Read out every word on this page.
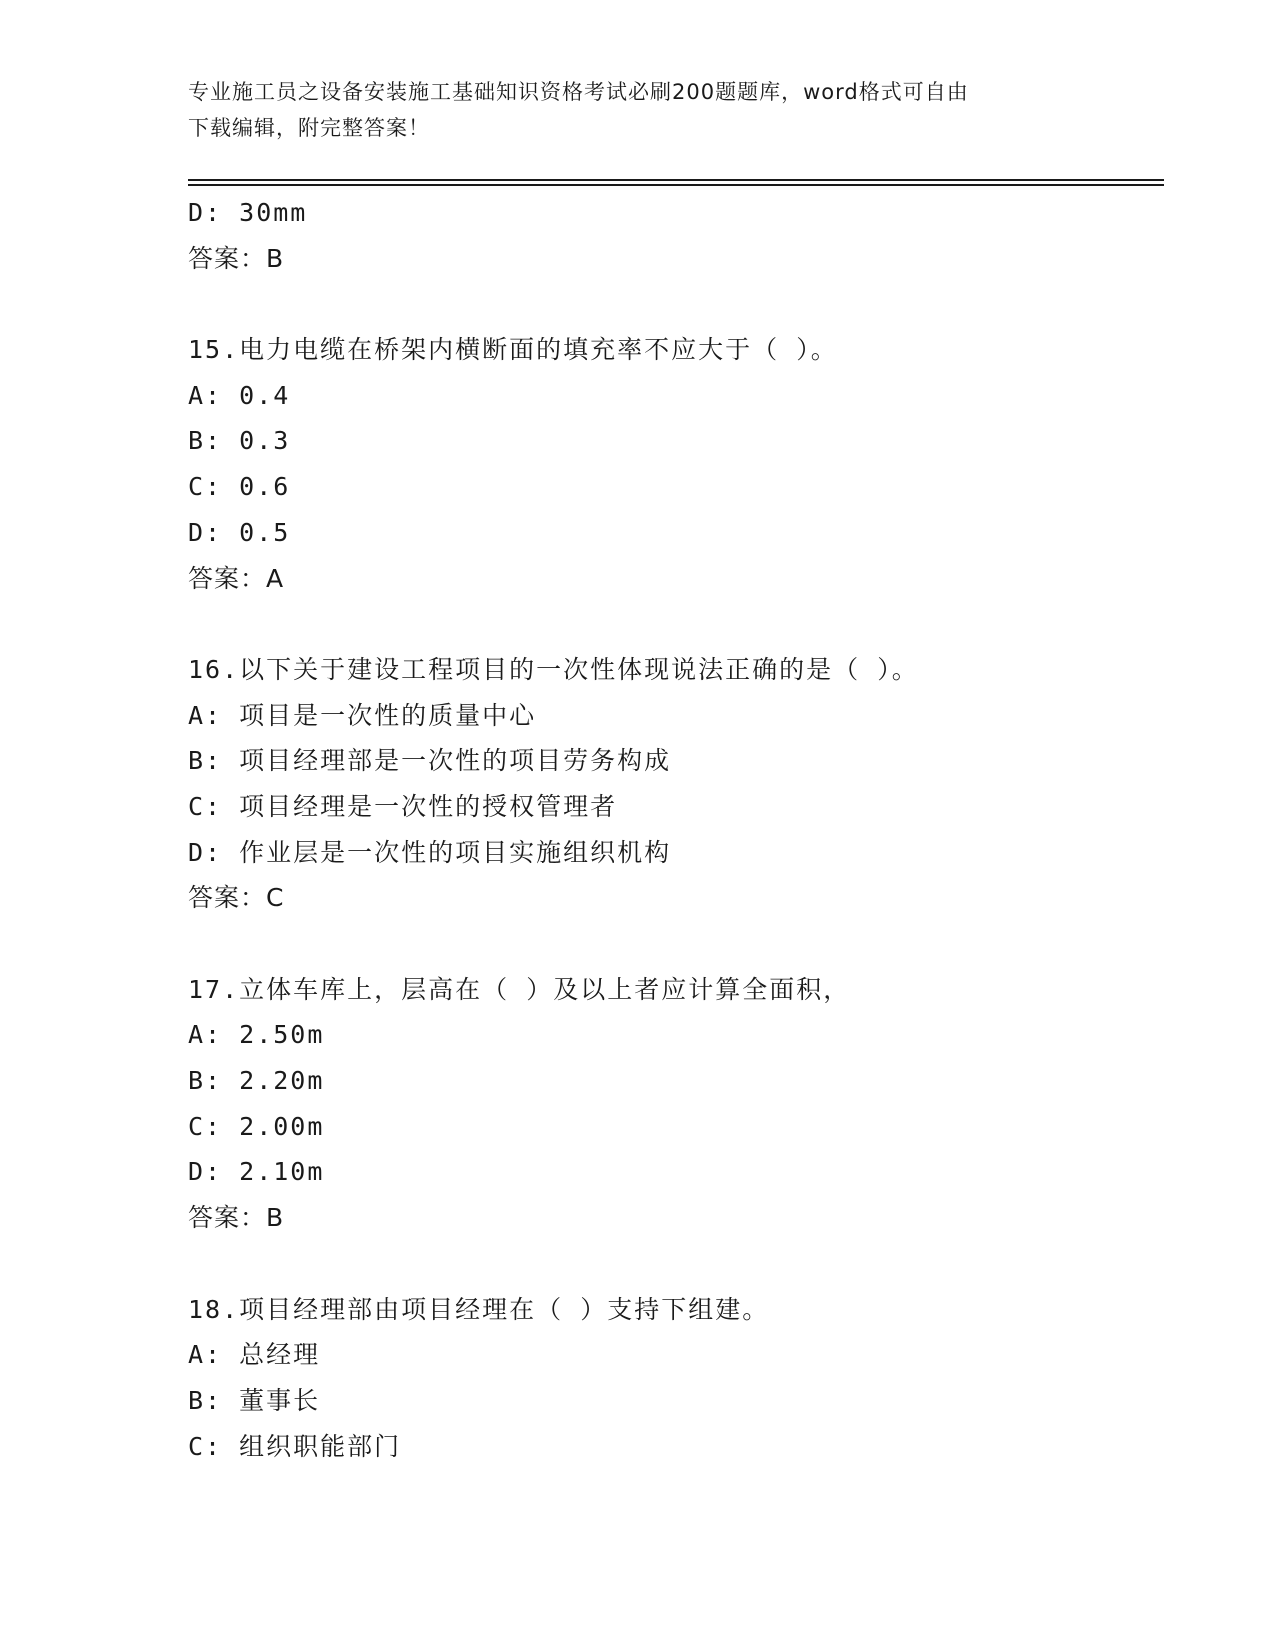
专业施工员之设备安装施工基础知识资格考试必刷200题题库，word格式可自由
下载编辑，附完整答案！
D: 30mm
答案：B
15.电力电缆在桥架内横断面的填充率不应大于（ ）。
A: 0.4
B: 0.3
C: 0.6
D: 0.5
答案：A
16.以下关于建设工程项目的一次性体现说法正确的是（ ）。
A: 项目是一次性的质量中心
B: 项目经理部是一次性的项目劳务构成
C: 项目经理是一次性的授权管理者
D: 作业层是一次性的项目实施组织机构
答案：C
17.立体车库上，层高在（ ）及以上者应计算全面积，
A: 2.50m
B: 2.20m
C: 2.00m
D: 2.10m
答案：B
18.项目经理部由项目经理在（ ）支持下组建。
A: 总经理
B: 董事长
C: 组织职能部门
